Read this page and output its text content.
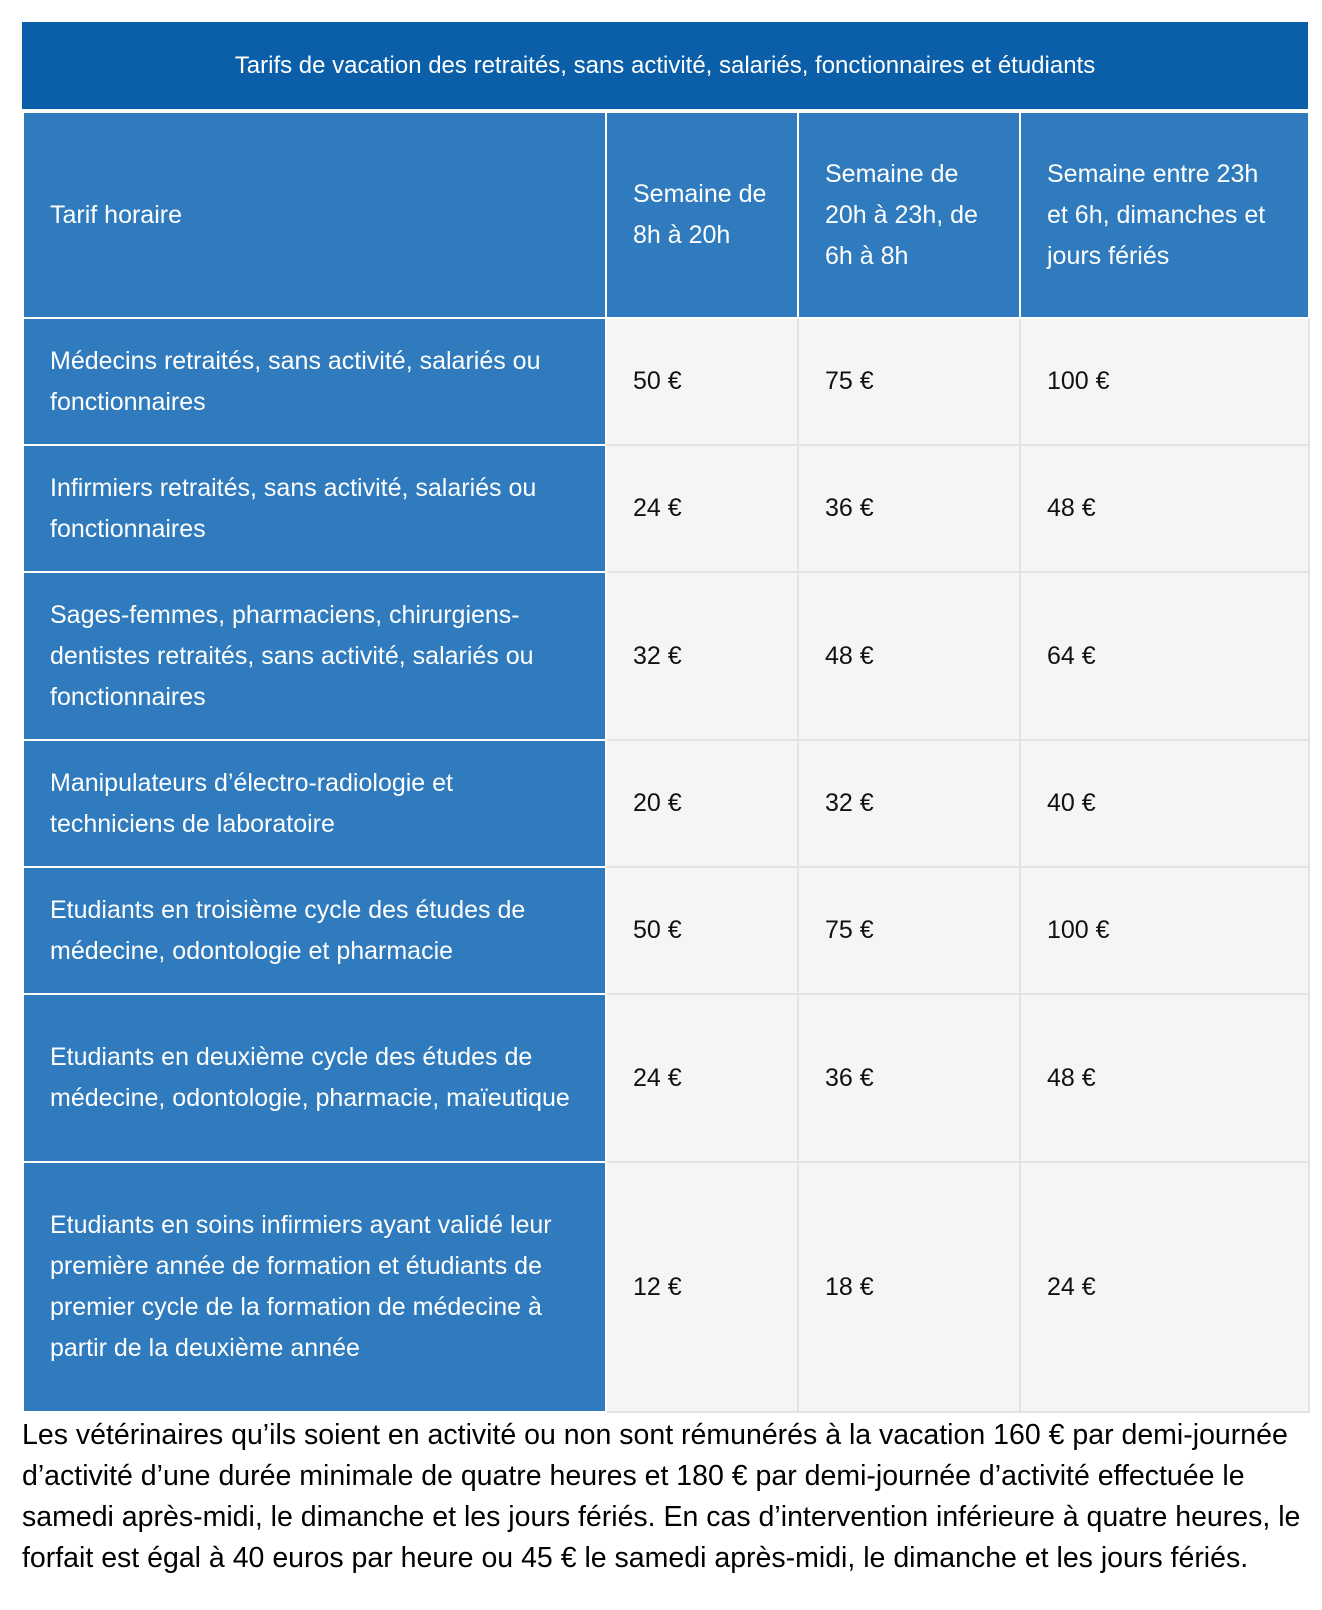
Tarifs de vacation des retraités, sans activité, salariés, fonctionnaires et étudiants
Tarif horaire	Semaine de 8h à 20h	Semaine de 20h à 23h, de 6h à 8h	Semaine entre 23h et 6h, dimanches et jours fériés
Médecins retraités, sans activité, salariés ou fonctionnaires	50 €	75 €	100 €
Infirmiers retraités, sans activité, salariés ou fonctionnaires	24 €	36 €	48 €
Sages-femmes, pharmaciens, chirurgiens-dentistes retraités, sans activité, salariés ou fonctionnaires	32 €	48 €	64 €
Manipulateurs d’électro-radiologie et techniciens de laboratoire	20 €	32 €	40 €
Etudiants en troisième cycle des études de médecine, odontologie et pharmacie	50 €	75 €	100 €
Etudiants en deuxième cycle des études de médecine, odontologie, pharmacie, maïeutique	24 €	36 €	48 €
Etudiants en soins infirmiers ayant validé leur première année de formation et étudiants de premier cycle de la formation de médecine à partir de la deuxième année	12 €	18 €	24 €

Les vétérinaires qu’ils soient en activité ou non sont rémunérés à la vacation 160 € par demi-journée d’activité d’une durée minimale de quatre heures et 180 € par demi-journée d’activité effectuée le samedi après-midi, le dimanche et les jours fériés. En cas d’intervention inférieure à quatre heures, le forfait est égal à 40 euros par heure ou 45 € le samedi après-midi, le dimanche et les jours fériés.
